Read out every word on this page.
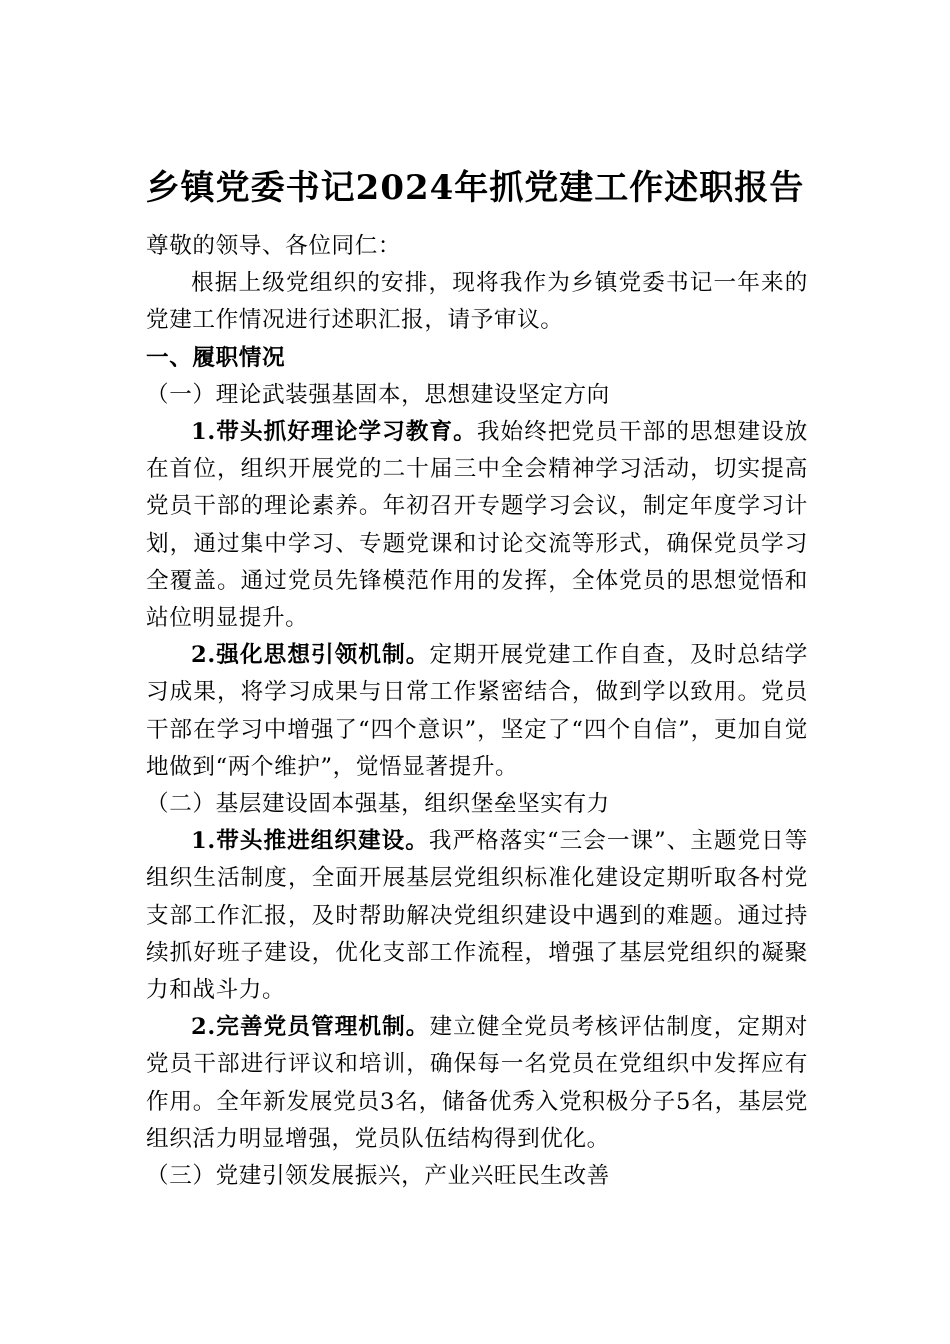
乡镇党委书记2024年抓党建工作述职报告

尊敬的领导、各位同仁：

根据上级党组织的安排，现将我作为乡镇党委书记一年来的党建工作情况进行述职汇报，请予审议。

一、履职情况

（一）理论武装强基固本，思想建设坚定方向

1.带头抓好理论学习教育。我始终把党员干部的思想建设放在首位，组织开展党的二十届三中全会精神学习活动，切实提高党员干部的理论素养。年初召开专题学习会议，制定年度学习计划，通过集中学习、专题党课和讨论交流等形式，确保党员学习全覆盖。通过党员先锋模范作用的发挥，全体党员的思想觉悟和站位明显提升。

2.强化思想引领机制。定期开展党建工作自查，及时总结学习成果，将学习成果与日常工作紧密结合，做到学以致用。党员干部在学习中增强了“四个意识”，坚定了“四个自信”，更加自觉地做到“两个维护”，觉悟显著提升。

（二）基层建设固本强基，组织堡垒坚实有力

1.带头推进组织建设。我严格落实“三会一课”、主题党日等组织生活制度，全面开展基层党组织标准化建设定期听取各村党支部工作汇报，及时帮助解决党组织建设中遇到的难题。通过持续抓好班子建设，优化支部工作流程，增强了基层党组织的凝聚力和战斗力。

2.完善党员管理机制。建立健全党员考核评估制度，定期对党员干部进行评议和培训，确保每一名党员在党组织中发挥应有作用。全年新发展党员3名，储备优秀入党积极分子5名，基层党组织活力明显增强，党员队伍结构得到优化。

（三）党建引领发展振兴，产业兴旺民生改善
